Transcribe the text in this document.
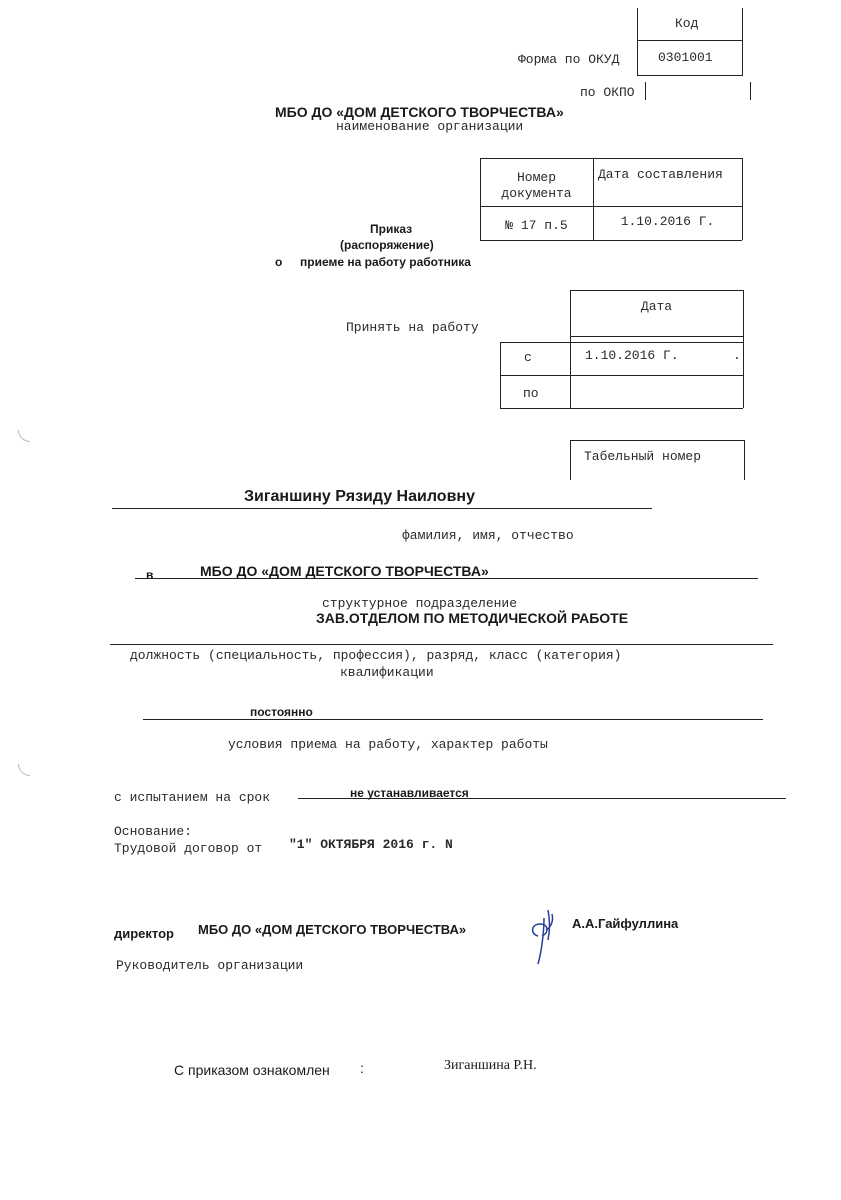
Код
0301001
Форма по ОКУД
по ОКПО
МБО ДО «ДОМ ДЕТСКОГО ТВОРЧЕСТВА»
наименование организации
Номер
документа
Дата составления
№ 17 п.5	1.10.2016 Г.
Приказ
(распоряжение)
о приеме на работу работника
Принять на работу
Дата
с	1.10.2016 Г.	.
по
Табельный номер
Зиганшину Рязиду Наиловну
фамилия, имя, отчество
в	МБО ДО «ДОМ ДЕТСКОГО ТВОРЧЕСТВА»
структурное подразделение
ЗАВ.ОТДЕЛОМ ПО МЕТОДИЧЕСКОЙ РАБОТЕ
должность (специальность, профессия), разряд, класс (категория)
квалификации
постоянно
условия приема на работу, характер работы
с испытанием на срок	не устанавливается
Основание:
Трудовой договор от "1" ОКТЯБРЯ 2016 г. N
директор МБО ДО «ДОМ ДЕТСКОГО ТВОРЧЕСТВА»	А.А.Гайфуллина
Руководитель организации
С приказом ознакомлен :	Зиганшина Р.Н.
